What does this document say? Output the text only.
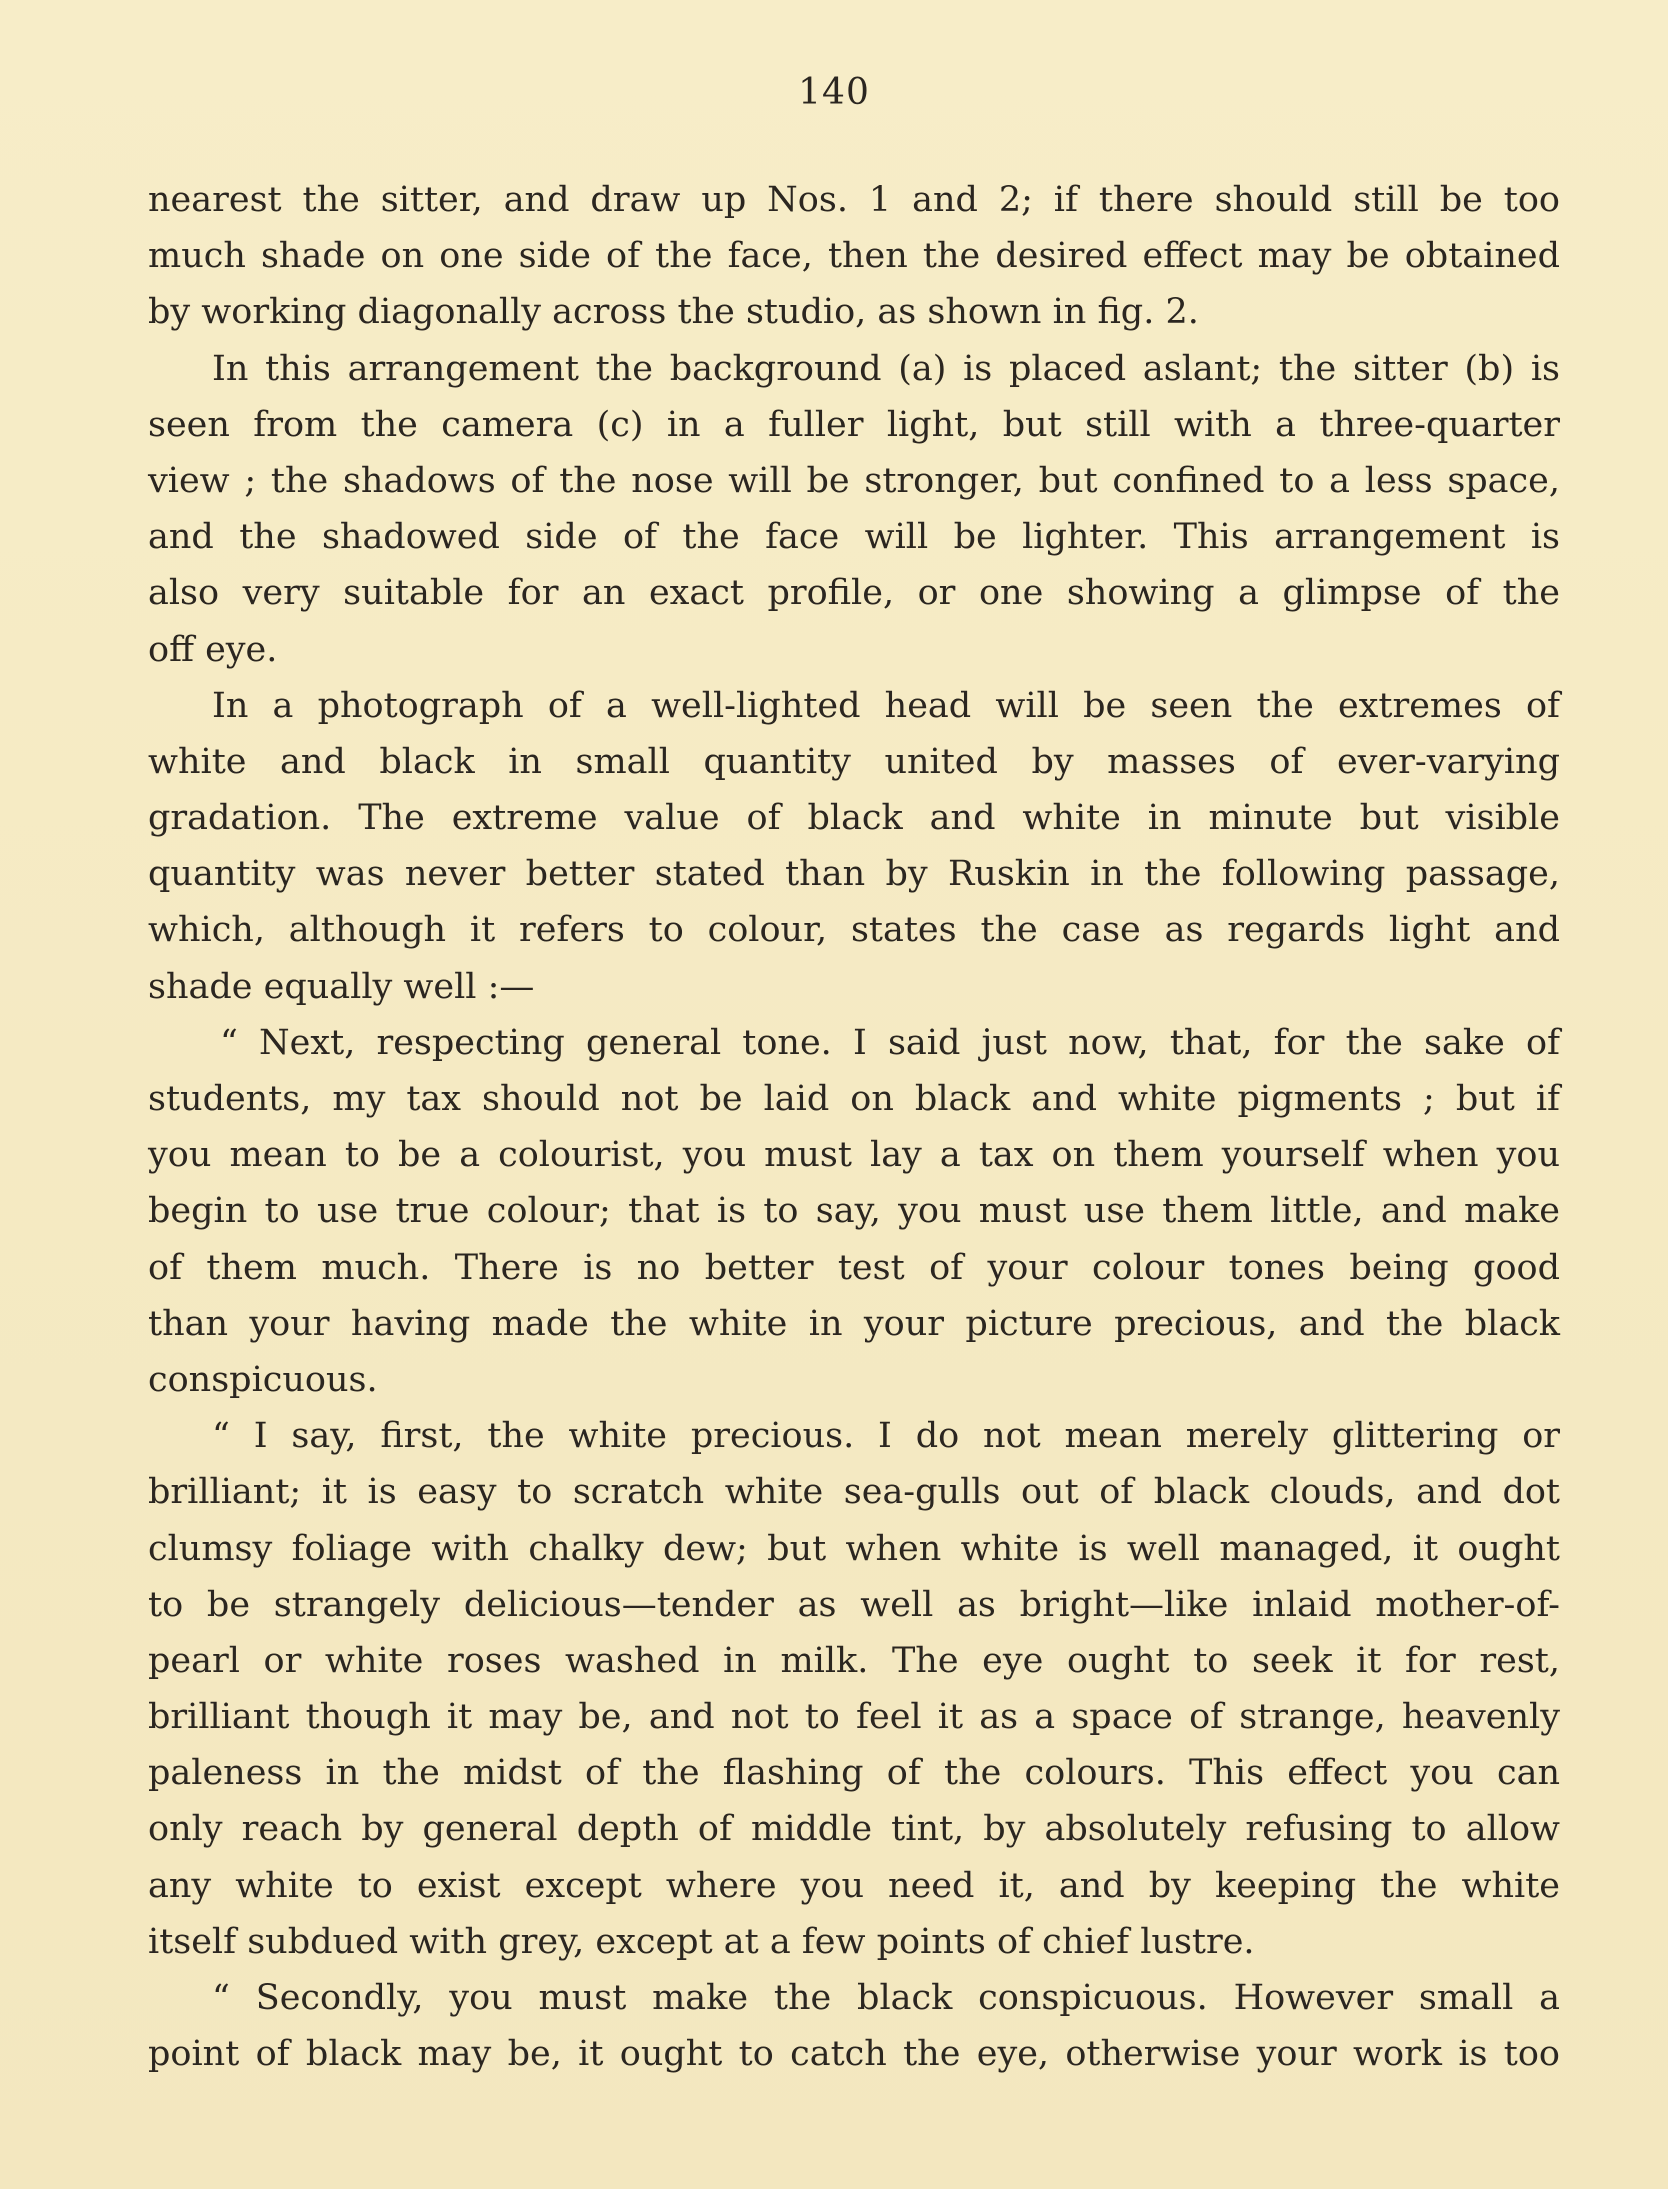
140
nearest the sitter, and draw up Nos. 1 and 2; if there should still be too
much shade on one side of the face, then the desired effect may be obtained
by working diagonally across the studio, as shown in fig. 2.
In this arrangement the background (a) is placed aslant; the sitter (b) is
seen from the camera (c) in a fuller light, but still with a three-quarter
view ; the shadows of the nose will be stronger, but confined to a less space,
and the shadowed side of the face will be lighter. This arrangement is
also very suitable for an exact profile, or one showing a glimpse of the
off eye.
In a photograph of a well-lighted head will be seen the extremes of
white and black in small quantity united by masses of ever-varying
gradation. The extreme value of black and white in minute but visible
quantity was never better stated than by Ruskin in the following passage,
which, although it refers to colour, states the case as regards light and
shade equally well :—
“ Next, respecting general tone. I said just now, that, for the sake of
students, my tax should not be laid on black and white pigments ; but if
you mean to be a colourist, you must lay a tax on them yourself when you
begin to use true colour; that is to say, you must use them little, and make
of them much. There is no better test of your colour tones being good
than your having made the white in your picture precious, and the black
conspicuous.
“ I say, first, the white precious. I do not mean merely glittering or
brilliant; it is easy to scratch white sea-gulls out of black clouds, and dot
clumsy foliage with chalky dew; but when white is well managed, it ought
to be strangely delicious—tender as well as bright—like inlaid mother-of-
pearl or white roses washed in milk. The eye ought to seek it for rest,
brilliant though it may be, and not to feel it as a space of strange, heavenly
paleness in the midst of the flashing of the colours. This effect you can
only reach by general depth of middle tint, by absolutely refusing to allow
any white to exist except where you need it, and by keeping the white
itself subdued with grey, except at a few points of chief lustre.
“ Secondly, you must make the black conspicuous. However small a
point of black may be, it ought to catch the eye, otherwise your work is too
